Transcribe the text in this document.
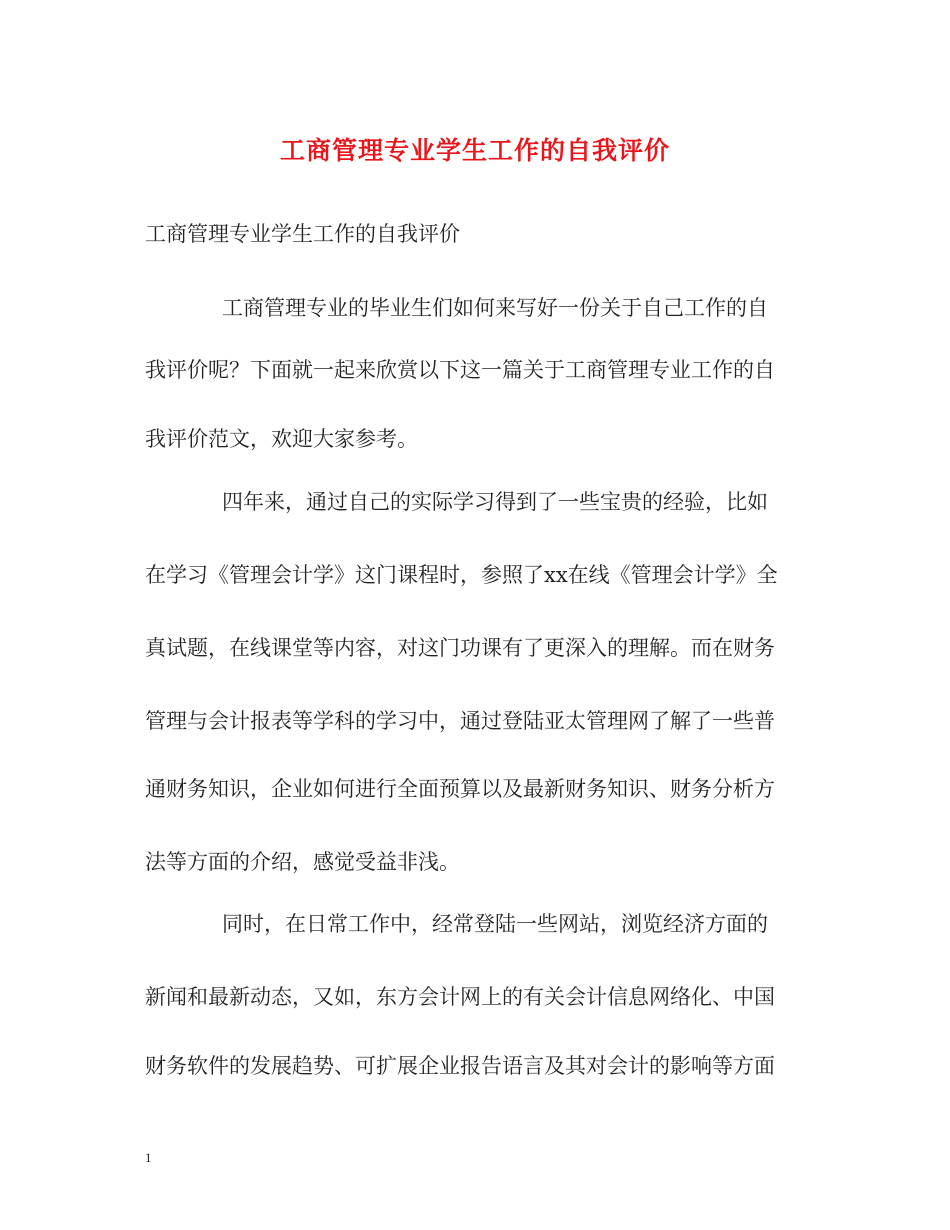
工商管理专业学生工作的自我评价
工商管理专业学生工作的自我评价
工商管理专业的毕业生们如何来写好一份关于自己工作的自
我评价呢？下面就一起来欣赏以下这一篇关于工商管理专业工作的自
我评价范文，欢迎大家参考。
四年来，通过自己的实际学习得到了一些宝贵的经验，比如
在学习《管理会计学》这门课程时，参照了xx在线《管理会计学》全
真试题，在线课堂等内容，对这门功课有了更深入的理解。而在财务
管理与会计报表等学科的学习中，通过登陆亚太管理网了解了一些普
通财务知识，企业如何进行全面预算以及最新财务知识、财务分析方
法等方面的介绍，感觉受益非浅。
同时，在日常工作中，经常登陆一些网站，浏览经济方面的
新闻和最新动态，又如，东方会计网上的有关会计信息网络化、中国
财务软件的发展趋势、可扩展企业报告语言及其对会计的影响等方面
1
